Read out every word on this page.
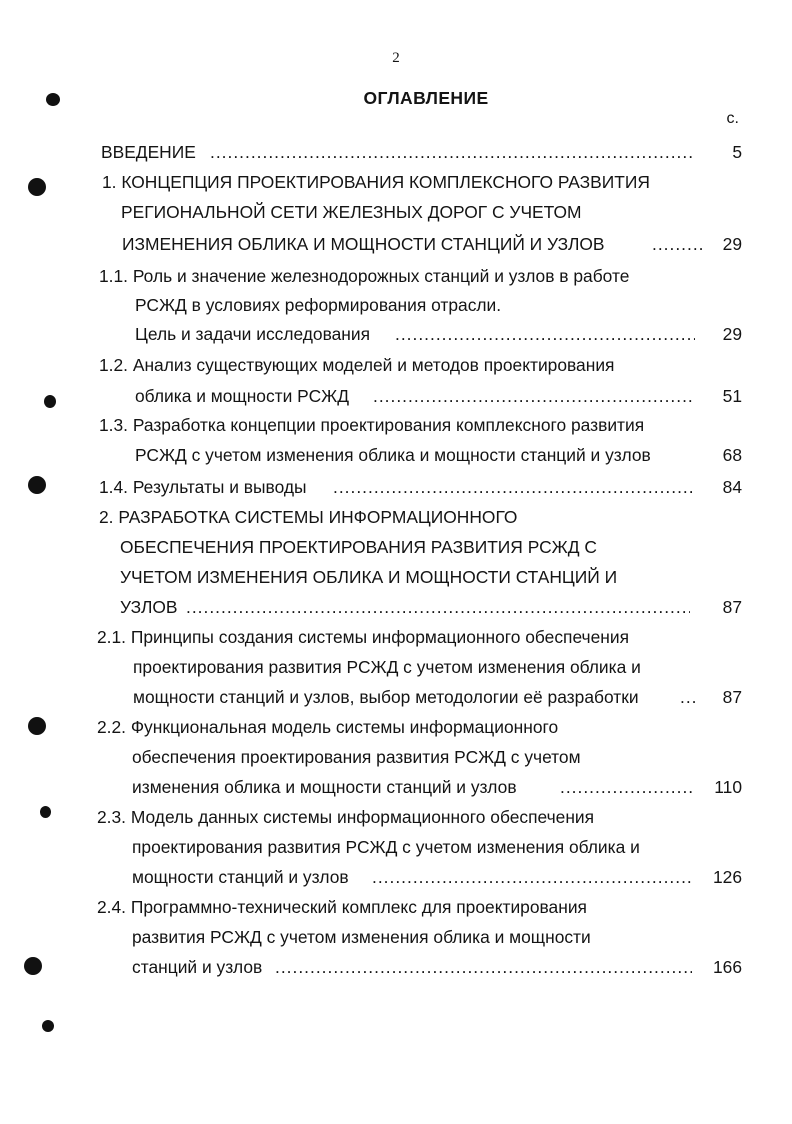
2
ОГЛАВЛЕНИЕ
с.
ВВЕДЕНИЕ .....	5
1. КОНЦЕПЦИЯ ПРОЕКТИРОВАНИЯ КОМПЛЕКСНОГО РАЗВИТИЯ
РЕГИОНАЛЬНОЙ СЕТИ ЖЕЛЕЗНЫХ ДОРОГ С УЧЕТОМ
ИЗМЕНЕНИЯ ОБЛИКА И МОЩНОСТИ СТАНЦИЙ И УЗЛОВ .....	29
1.1. Роль и значение железнодорожных станций и узлов в работе
РСЖД в условиях реформирования отрасли.
Цель и задачи исследования .....	29
1.2. Анализ существующих моделей и методов проектирования
облика и мощности РСЖД .....	51
1.3. Разработка концепции проектирования комплексного развития
РСЖД с учетом изменения облика и мощности станций и узлов	68
1.4. Результаты и выводы .....	84
2. РАЗРАБОТКА СИСТЕМЫ ИНФОРМАЦИОННОГО
ОБЕСПЕЧЕНИЯ ПРОЕКТИРОВАНИЯ РАЗВИТИЯ РСЖД С
УЧЕТОМ ИЗМЕНЕНИЯ ОБЛИКА И МОЩНОСТИ СТАНЦИЙ И
УЗЛОВ .....	87
2.1. Принципы создания системы информационного обеспечения
проектирования развития РСЖД с учетом изменения облика и
мощности станций и узлов, выбор методологии её разработки .....	87
2.2. Функциональная модель системы информационного
обеспечения проектирования развития РСЖД с учетом
изменения облика и мощности станций и узлов .....	110
2.3. Модель данных системы информационного обеспечения
проектирования развития РСЖД с учетом изменения облика и
мощности станций и узлов .....	126
2.4. Программно-технический комплекс для проектирования
развития РСЖД с учетом изменения облика и мощности
станций и узлов .....	166
